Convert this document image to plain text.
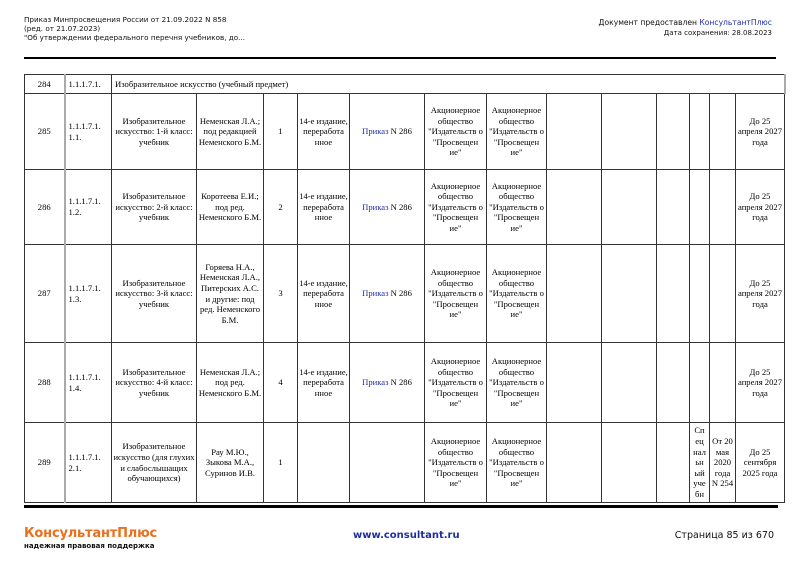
Приказ Минпросвещения России от 21.09.2022 N 858
(ред. от 21.07.2023)
"Об утверждении федерального перечня учебников, до...
Документ предоставлен КонсультантПлюс
Дата сохранения: 28.08.2023
284	1.1.1.7.1.	Изобразительное искусство (учебный предмет)												
285	1.1.1.7.1. 1.1.	Изобразительное искусство: 1-й класс: учебник	Неменская Л.А.; под редакцией Неменского Б.М.	1	14-е издание, переработа нное	Приказ N 286	Акционерное общество "Издательств о "Просвещен ие"	Акционерное общество "Издательств о "Просвещен ие"						До 25 апреля 2027 года
286	1.1.1.7.1. 1.2.	Изобразительное искусство: 2-й класс: учебник	Коротеева Е.И.; под ред. Неменского Б.М.	2	14-е издание, переработа нное	Приказ N 286	Акционерное общество "Издательств о "Просвещен ие"	Акционерное общество "Издательств о "Просвещен ие"						До 25 апреля 2027 года
287	1.1.1.7.1. 1.3.	Изобразительное искусство: 3-й класс: учебник	Горяева Н.А., Неменская Л.А., Питерских А.С. и другие: под ред. Неменского Б.М.	3	14-е издание, переработа нное	Приказ N 286	Акционерное общество "Издательств о "Просвещен ие"	Акционерное общество "Издательств о "Просвещен ие"						До 25 апреля 2027 года
288	1.1.1.7.1. 1.4.	Изобразительное искусство: 4-й класс: учебник	Неменская Л.А.; под ред. Неменского Б.М.	4	14-е издание, переработа нное	Приказ N 286	Акционерное общество "Издательств о "Просвещен ие"	Акционерное общество "Издательств о "Просвещен ие"						До 25 апреля 2027 года
289	1.1.1.7.1. 2.1.	Изобразительное искусство (для глухих и слабослышащих обучающихся)	Рау М.Ю., Зыкова М.А., Суринов И.В.	1			Акционерное общество "Издательств о "Просвещен ие"	Акционерное общество "Издательств о "Просвещен ие"				Сп ец нал ьн ый уче бн	От 20 мая 2020 года N 254	До 25 сентября 2025 года
КонсультантПлюс
надежная правовая поддержка
www.consultant.ru	Страница 85 из 670
